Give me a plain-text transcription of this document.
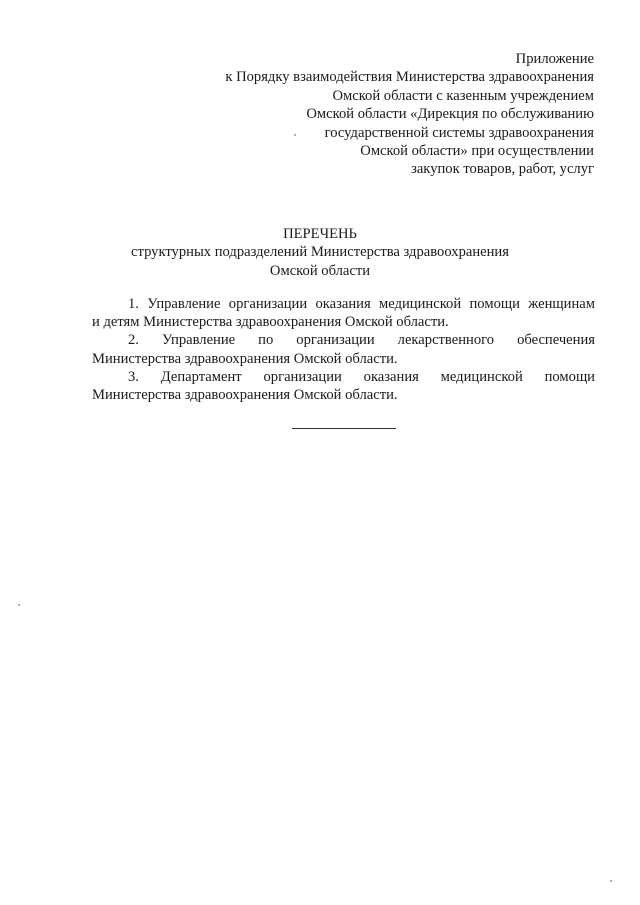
Приложение
к Порядку взаимодействия Министерства здравоохранения
Омской области с казенным учреждением
Омской области «Дирекция по обслуживанию
государственной системы здравоохранения
Омской области» при осуществлении
закупок товаров, работ, услуг
ПЕРЕЧЕНЬ
структурных подразделений Министерства здравоохранения
Омской области

1. Управление организации оказания медицинской помощи женщинам

и детям Министерства здравоохранения Омской области.

2. Управление по организации лекарственного обеспечения

Министерства здравоохранения Омской области.

3. Департамент организации оказания медицинской помощи

Министерства здравоохранения Омской области.
